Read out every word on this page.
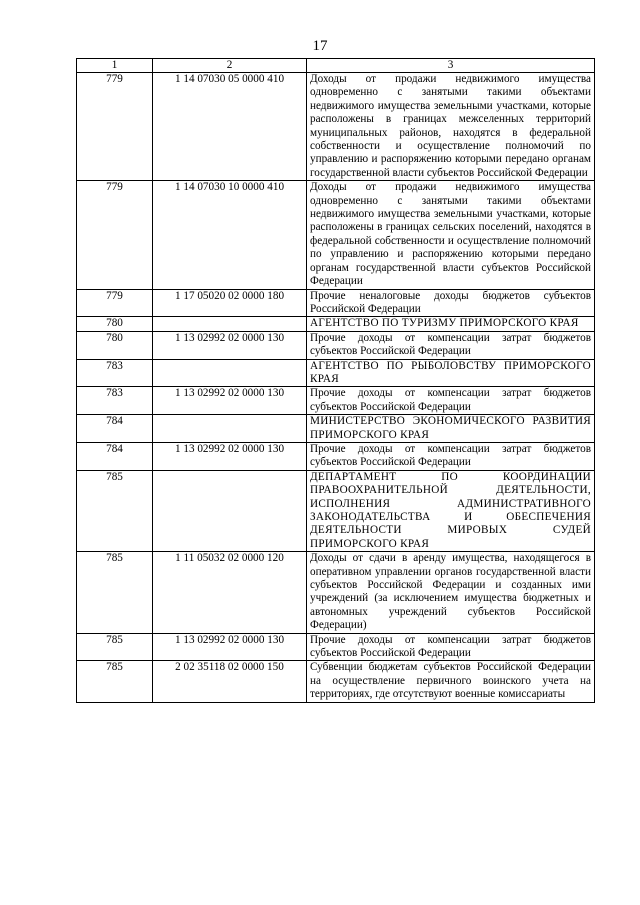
17
1	2	3
779	1 14 07030 05 0000 410	Доходы от продажи недвижимого имущества одновременно с занятыми такими объектами недвижимого имущества земельными участками, которые расположены в границах межселенных территорий муниципальных районов, находятся в федеральной собственности и осуществление полномочий по управлению и распоряжению которыми передано органам государственной власти субъектов Российской Федерации
779	1 14 07030 10 0000 410	Доходы от продажи недвижимого имущества одновременно с занятыми такими объектами недвижимого имущества земельными участками, которые расположены в границах сельских поселений, находятся в федеральной собственности и осуществление полномочий по управлению и распоряжению которыми передано органам государственной власти субъектов Российской Федерации
779	1 17 05020 02 0000 180	Прочие неналоговые доходы бюджетов субъектов Российской Федерации
780		АГЕНТСТВО ПО ТУРИЗМУ ПРИМОРСКОГО КРАЯ
780	1 13 02992 02 0000 130	Прочие доходы от компенсации затрат бюджетов субъектов Российской Федерации
783		АГЕНТСТВО ПО РЫБОЛОВСТВУ ПРИМОРСКОГО КРАЯ
783	1 13 02992 02 0000 130	Прочие доходы от компенсации затрат бюджетов субъектов Российской Федерации
784		МИНИСТЕРСТВО ЭКОНОМИЧЕСКОГО РАЗВИТИЯ ПРИМОРСКОГО КРАЯ
784	1 13 02992 02 0000 130	Прочие доходы от компенсации затрат бюджетов субъектов Российской Федерации
785		ДЕПАРТАМЕНТ ПО КООРДИНАЦИИ ПРАВООХРАНИТЕЛЬНОЙ ДЕЯТЕЛЬНОСТИ, ИСПОЛНЕНИЯ АДМИНИСТРАТИВНОГО ЗАКОНОДАТЕЛЬСТВА И ОБЕСПЕЧЕНИЯ ДЕЯТЕЛЬНОСТИ МИРОВЫХ СУДЕЙ ПРИМОРСКОГО КРАЯ
785	1 11 05032 02 0000 120	Доходы от сдачи в аренду имущества, находящегося в оперативном управлении органов государственной власти субъектов Российской Федерации и созданных ими учреждений (за исключением имущества бюджетных и автономных учреждений субъектов Российской Федерации)
785	1 13 02992 02 0000 130	Прочие доходы от компенсации затрат бюджетов субъектов Российской Федерации
785	2 02 35118 02 0000 150	Субвенции бюджетам субъектов Российской Федерации на осуществление первичного воинского учета на территориях, где отсутствуют военные комиссариаты
